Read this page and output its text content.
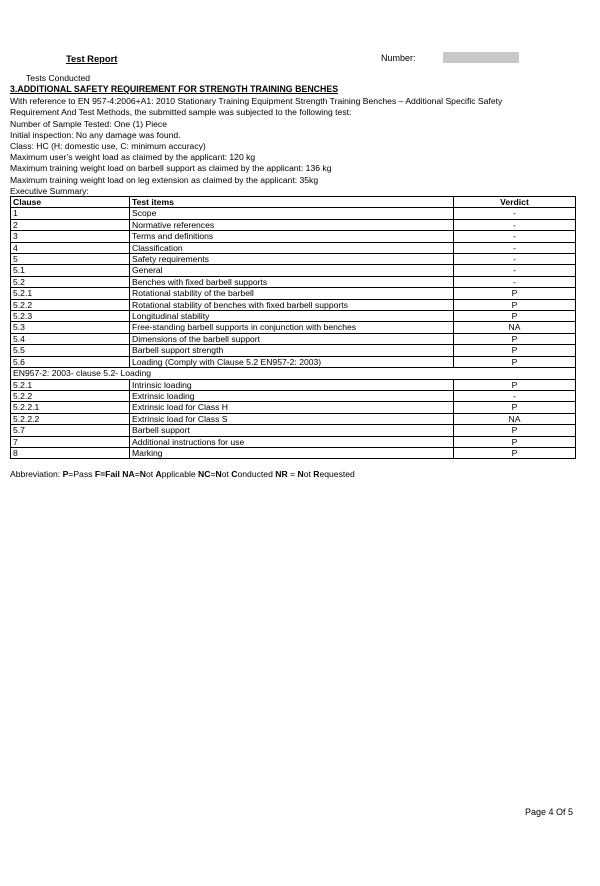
Test Report	Number:
Tests Conducted
3.ADDITIONAL SAFETY REQUIREMENT FOR STRENGTH TRAINING BENCHES
With reference to EN 957-4:2006+A1: 2010 Stationary Training Equipment Strength Training Benches – Additional Specific Safety
Requirement And Test Methods, the submitted sample was subjected to the following test:
Number of Sample Tested: One (1) Piece
Initial inspection: No any damage was found.
Class: HC (H: domestic use, C: minimum accuracy)
Maximum user’s weight load as claimed by the applicant: 120 kg
Maximum training weight load on barbell support as claimed by the applicant: 136 kg
Maximum training weight load on leg extension as claimed by the applicant: 35kg
Executive Summary:
Clause	Test items	Verdict
1	Scope	-
2	Normative references	-
3	Terms and definitions	-
4	Classification	-
5	Safety requirements	-
5.1	General	-
5.2	Benches with fixed barbell supports	-
5.2.1	Rotational stability of the barbell	P
5.2.2	Rotational stability of benches with fixed barbell supports	P
5.2.3	Longitudinal stability	P
5.3	Free-standing barbell supports in conjunction with benches	NA
5.4	Dimensions of the barbell support	P
5.5	Barbell support strength	P
5.6	Loading (Comply with Clause 5.2 EN957-2: 2003)	P
EN957-2: 2003- clause 5.2- Loading		
5.2.1	Intrinsic loading	P
5.2.2	Extrinsic loading	-
5.2.2.1	Extrinsic load for Class H	P
5.2.2.2	Extrinsic load for Class S	NA
5.7	Barbell support	P
7	Additional instructions for use	P
8	Marking	P
Abbreviation: P=Pass F=Fail NA=Not Applicable NC=Not Conducted NR = Not Requested
Page 4 Of 5
